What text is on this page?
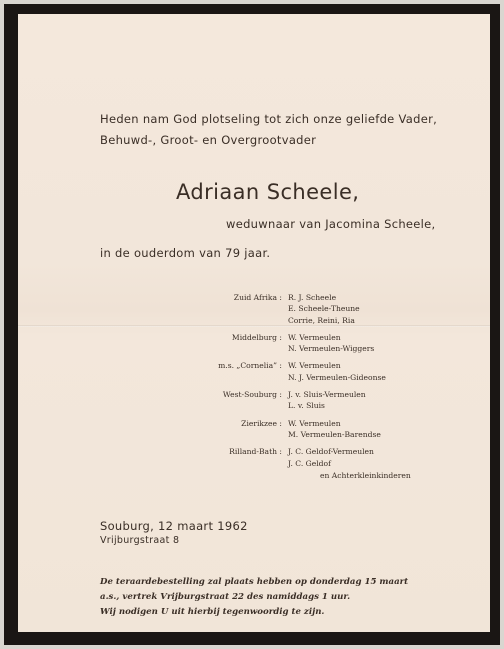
Heden nam God plotseling tot zich onze geliefde Vader,
Behuwd-, Groot- en Overgrootvader
Adriaan Scheele,
weduwnaar van Jacomina Scheele,
in de ouderdom van 79 jaar.
Zuid Afrika : R. J. Scheele
E. Scheele-Theune
Corrie, Reini, Ria
Middelburg : W. Vermeulen
N. Vermeulen-Wiggers
m.s. „Cornelia” : W. Vermeulen
N. J. Vermeulen-Gideonse
West-Souburg : J. v. Sluis-Vermeulen
L. v. Sluis
Zierikzee : W. Vermeulen
M. Vermeulen-Barendse
Rilland-Bath : J. C. Geldof-Vermeulen
J. C. Geldof
en Achterkleinkinderen
Souburg, 12 maart 1962
Vrijburgstraat 8
De teraardebestelling zal plaats hebben op donderdag 15 maart
a.s., vertrek Vrijburgstraat 22 des namiddags 1 uur.
Wij nodigen U uit hierbij tegenwoordig te zijn.
